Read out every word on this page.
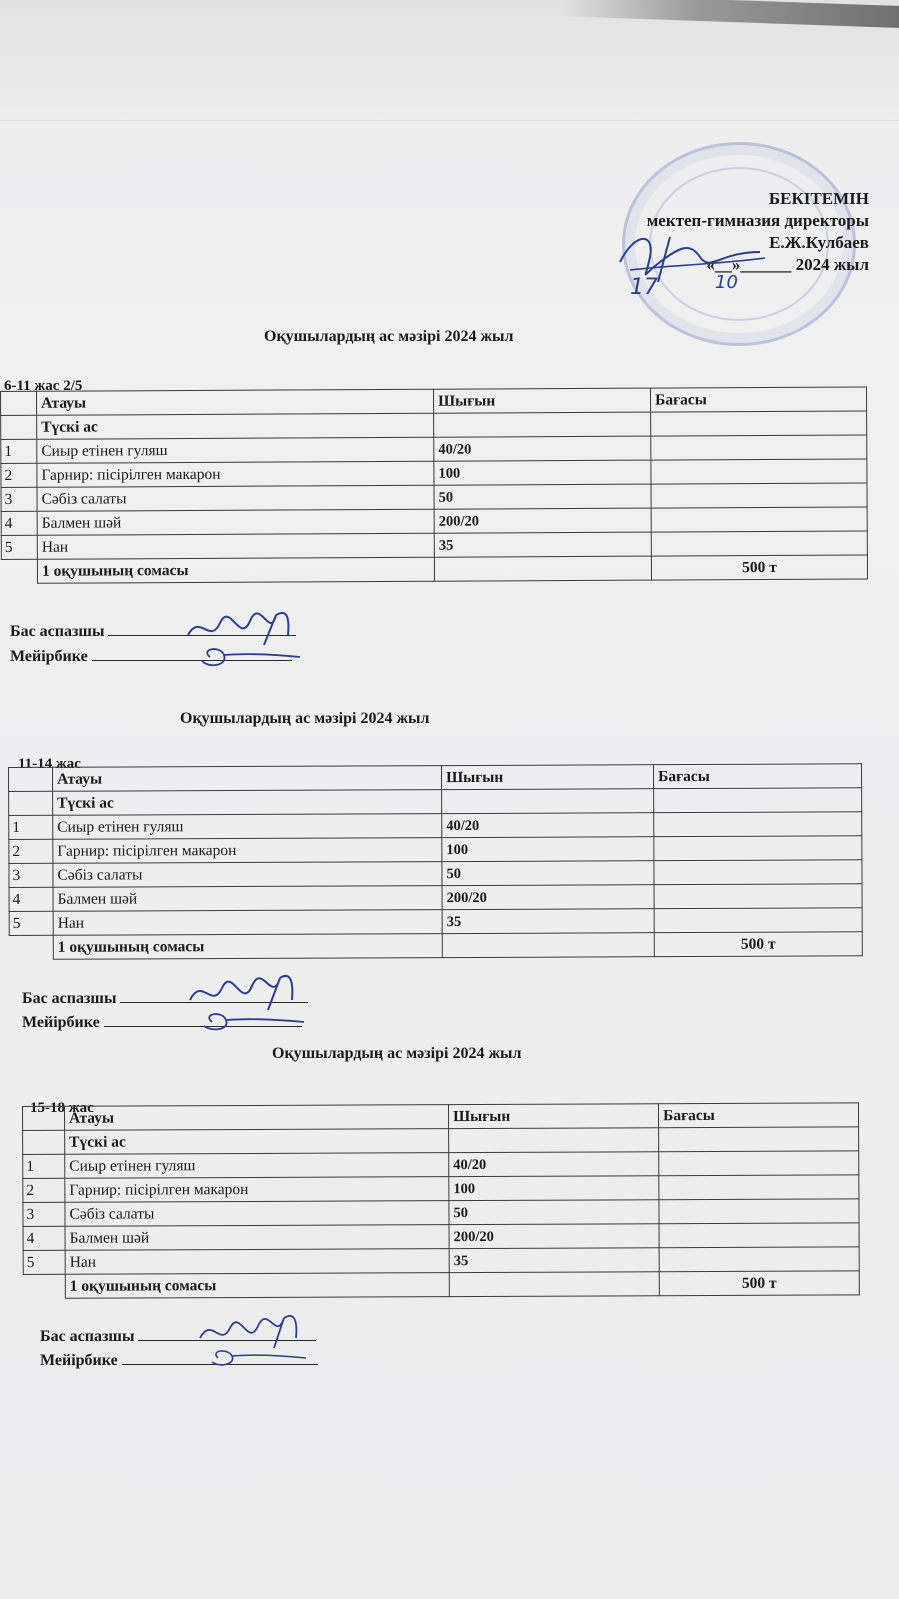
БЕКІТЕМІН
мектеп-гимназия директоры
Е.Ж.Кулбаев
«__»______ 2024 жыл
17	10
Оқушылардың ас мәзірі 2024 жыл
6-11 жас 2/5
	Атауы	Шығын	Бағасы
	Түскі ас		
1	Сиыр етінен гуляш	40/20	
2	Гарнир: пісірілген макарон	100	
3	Сәбіз салаты	50	
4	Балмен шәй	200/20	
5	Нан	35	
	1 оқушының сомасы		500 т
Бас аспазшы
Мейірбике
Оқушылардың ас мәзірі 2024 жыл
11-14 жас
	Атауы	Шығын	Бағасы
	Түскі ас		
1	Сиыр етінен гуляш	40/20	
2	Гарнир: пісірілген макарон	100	
3	Сәбіз салаты	50	
4	Балмен шәй	200/20	
5	Нан	35	
	1 оқушының сомасы		500 т
Бас аспазшы
Мейірбике
Оқушылардың ас мәзірі 2024 жыл
15-18 жас
	Атауы	Шығын	Бағасы
	Түскі ас		
1	Сиыр етінен гуляш	40/20	
2	Гарнир: пісірілген макарон	100	
3	Сәбіз салаты	50	
4	Балмен шәй	200/20	
5	Нан	35	
	1 оқушының сомасы		500 т
Бас аспазшы
Мейірбике
